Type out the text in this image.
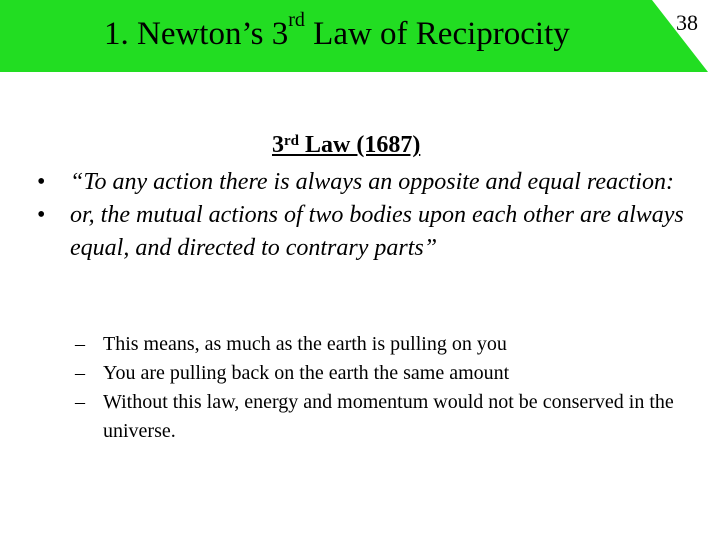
1. Newton’s 3rd Law of Reciprocity	38
3rd Law (1687)
• “To any action there is always an opposite and equal reaction:
• or, the mutual actions of two bodies upon each other are always equal, and directed to contrary parts”
– This means, as much as the earth is pulling on you
– You are pulling back on the earth the same amount
– Without this law, energy and momentum would not be conserved in the universe.
